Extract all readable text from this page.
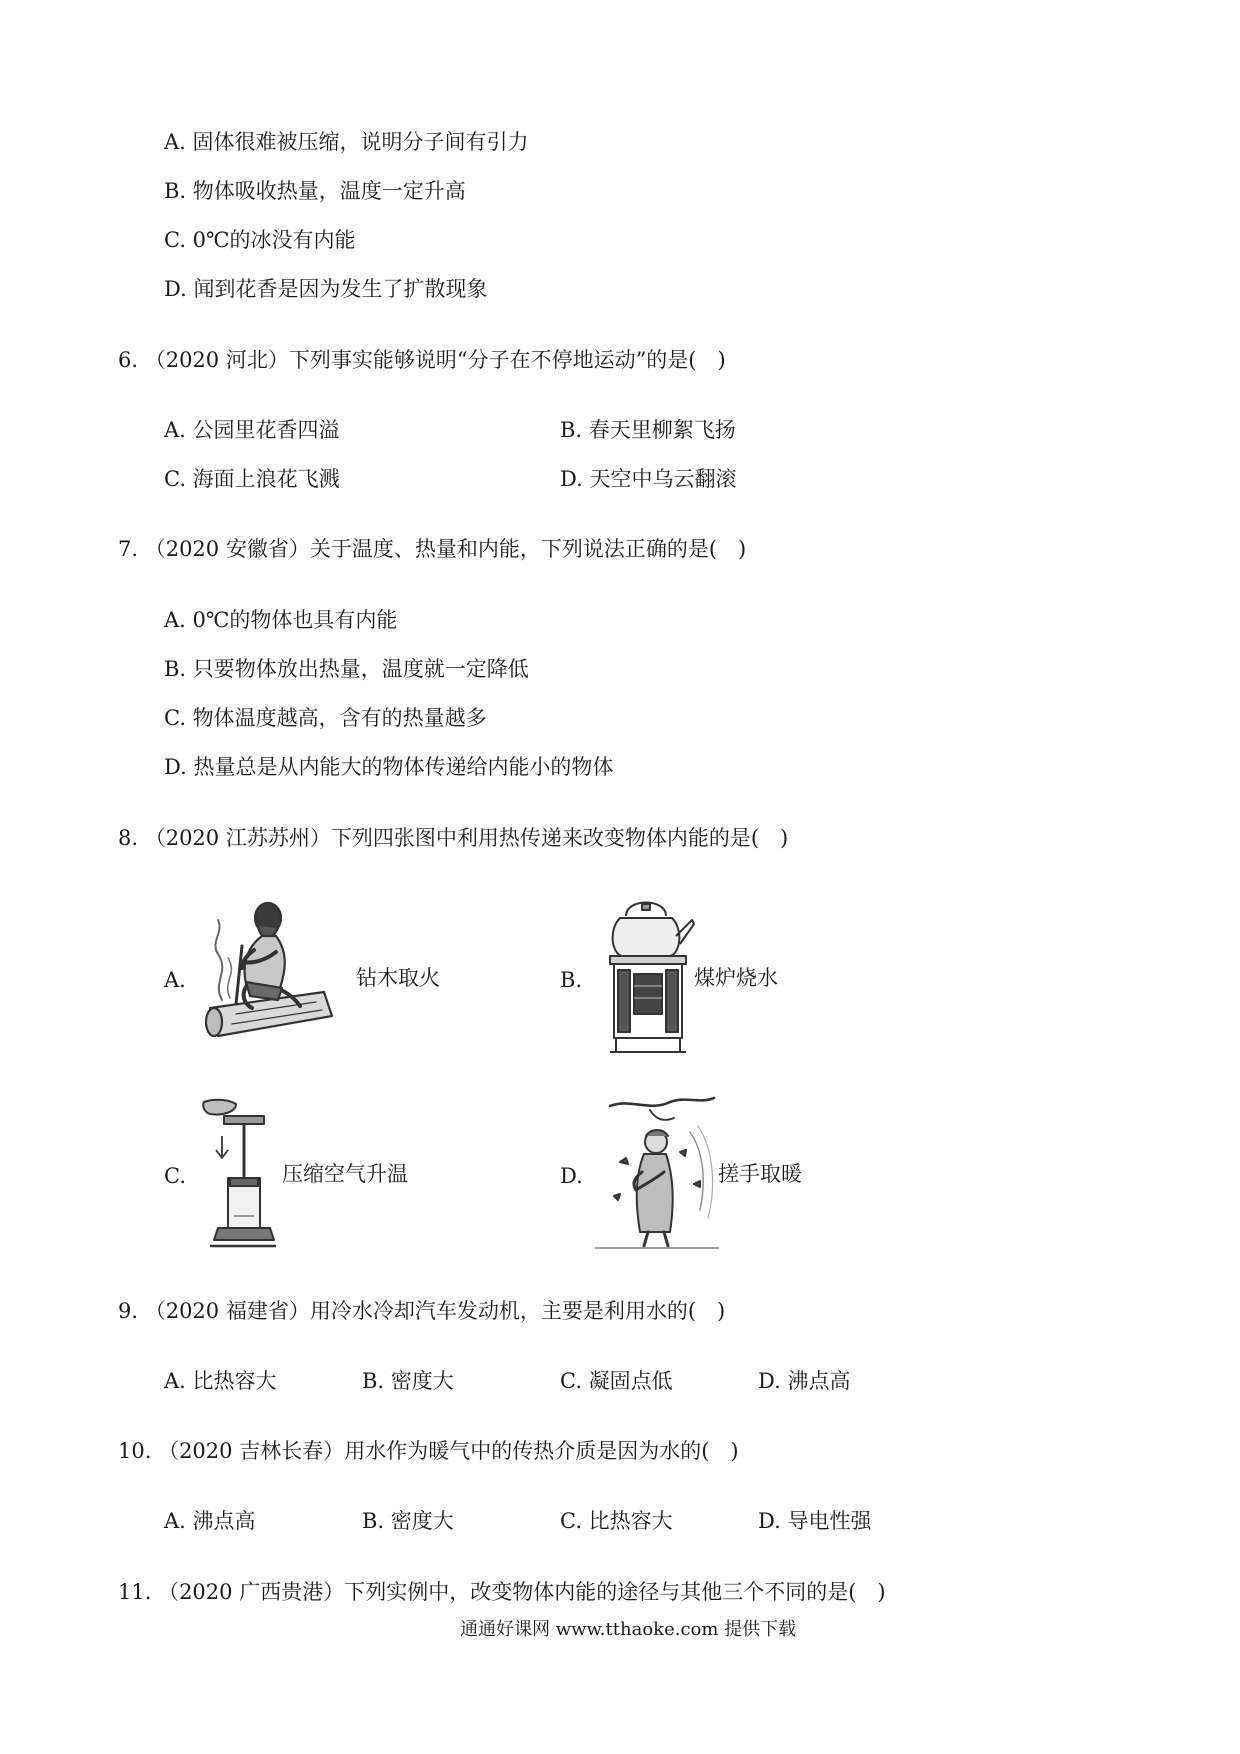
A. 固体很难被压缩，说明分子间有引力
B. 物体吸收热量，温度一定升高
C. 0℃的冰没有内能
D. 闻到花香是因为发生了扩散现象
6. （2020 河北）下列事实能够说明“分子在不停地运动”的是(　)
A. 公园里花香四溢	B. 春天里柳絮飞扬
C. 海面上浪花飞溅	D. 天空中乌云翻滚
7. （2020 安徽省）关于温度、热量和内能，下列说法正确的是(　)
A. 0℃的物体也具有内能
B. 只要物体放出热量，温度就一定降低
C. 物体温度越高，含有的热量越多
D. 热量总是从内能大的物体传递给内能小的物体
8. （2020 江苏苏州）下列四张图中利用热传递来改变物体内能的是(　)
A.	钻木取火	B.	煤炉烧水
C.	压缩空气升温	D.	搓手取暖
9. （2020 福建省）用冷水冷却汽车发动机，主要是利用水的(　)
A. 比热容大	B. 密度大	C. 凝固点低	D. 沸点高
10. （2020 吉林长春）用水作为暖气中的传热介质是因为水的(　)
A. 沸点高	B. 密度大	C. 比热容大	D. 导电性强
11. （2020 广西贵港）下列实例中，改变物体内能的途径与其他三个不同的是(　)
通通好课网 www.tthaoke.com 提供下载
